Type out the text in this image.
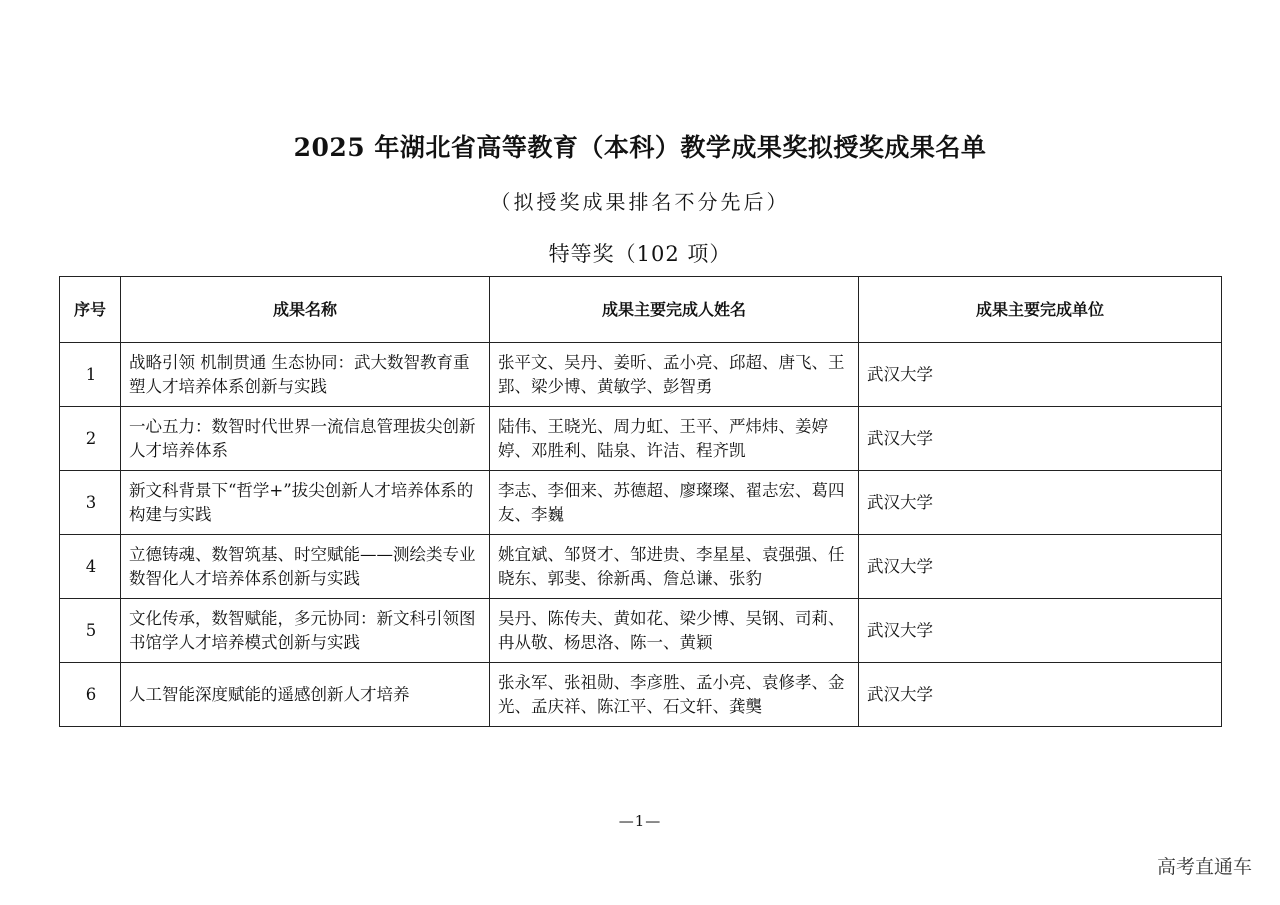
2025 年湖北省高等教育（本科）教学成果奖拟授奖成果名单
（拟授奖成果排名不分先后）
特等奖（102 项）
序号	成果名称	成果主要完成人姓名	成果主要完成单位
1	战略引领 机制贯通 生态协同：武大数智教育重塑人才培养体系创新与实践	张平文、吴丹、姜昕、孟小亮、邱超、唐飞、王郢、梁少博、黄敏学、彭智勇	武汉大学
2	一心五力：数智时代世界一流信息管理拔尖创新人才培养体系	陆伟、王晓光、周力虹、王平、严炜炜、姜婷婷、邓胜利、陆泉、许洁、程齐凯	武汉大学
3	新文科背景下“哲学+”拔尖创新人才培养体系的构建与实践	李志、李佃来、苏德超、廖璨璨、翟志宏、葛四友、李巍	武汉大学
4	立德铸魂、数智筑基、时空赋能——测绘类专业数智化人才培养体系创新与实践	姚宜斌、邹贤才、邹进贵、李星星、袁强强、任晓东、郭斐、徐新禹、詹总谦、张豹	武汉大学
5	文化传承，数智赋能，多元协同：新文科引领图书馆学人才培养模式创新与实践	吴丹、陈传夫、黄如花、梁少博、吴钢、司莉、冉从敬、杨思洛、陈一、黄颖	武汉大学
6	人工智能深度赋能的遥感创新人才培养	张永军、张祖勋、李彦胜、孟小亮、袁修孝、金光、孟庆祥、陈江平、石文轩、龚龑	武汉大学
—1—
高考直通车
